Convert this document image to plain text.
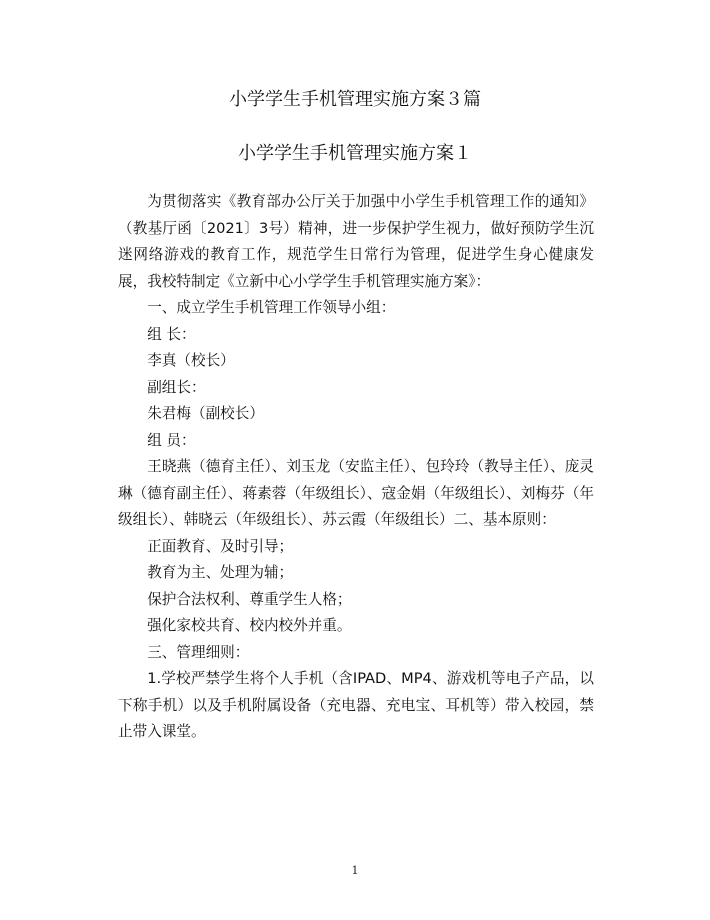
小学学生手机管理实施方案３篇
小学学生手机管理实施方案１

为贯彻落实《教育部办公厅关于加强中小学生手机管理工作的通知》（教基厅函〔2021〕3号）精神，进一步保护学生视力，做好预防学生沉迷网络游戏的教育工作，规范学生日常行为管理，促进学生身心健康发展，我校特制定《立新中心小学学生手机管理实施方案》：

一、成立学生手机管理工作领导小组：

组 长：

李真（校长）

副组长：

朱君梅（副校长）

组 员：

王晓燕（德育主任）、刘玉龙（安监主任）、包玲玲（教导主任）、庞灵琳（德育副主任）、蒋素蓉（年级组长）、寇金娟（年级组长）、刘梅芬（年级组长）、韩晓云（年级组长）、苏云霞（年级组长）二、基本原则：

正面教育、及时引导；

教育为主、处理为辅；

保护合法权利、尊重学生人格；

强化家校共育、校内校外并重。

三、管理细则：

1.学校严禁学生将个人手机（含IPAD、MP4、游戏机等电子产品，以下称手机）以及手机附属设备（充电器、充电宝、耳机等）带入校园，禁止带入课堂。

1
